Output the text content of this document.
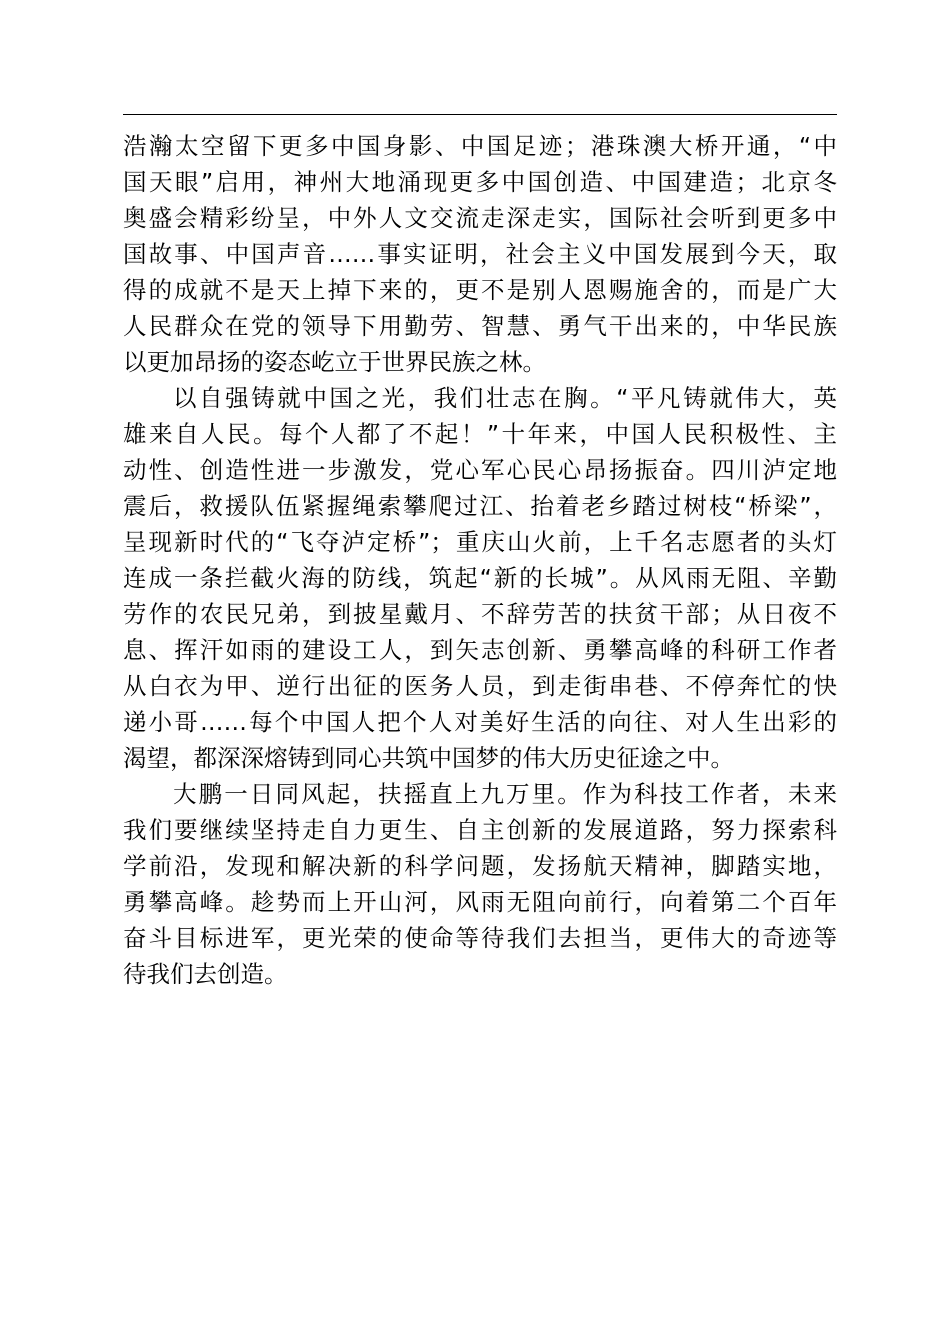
浩瀚太空留下更多中国身影、中国足迹；港珠澳大桥开通，“中
国天眼”启用，神州大地涌现更多中国创造、中国建造；北京冬
奥盛会精彩纷呈，中外人文交流走深走实，国际社会听到更多中
国故事、中国声音……事实证明，社会主义中国发展到今天，取
得的成就不是天上掉下来的，更不是别人恩赐施舍的，而是广大
人民群众在党的领导下用勤劳、智慧、勇气干出来的，中华民族
以更加昂扬的姿态屹立于世界民族之林。
以自强铸就中国之光，我们壮志在胸。“平凡铸就伟大，英
雄来自人民。每个人都了不起！”十年来，中国人民积极性、主
动性、创造性进一步激发，党心军心民心昂扬振奋。四川泸定地
震后，救援队伍紧握绳索攀爬过江、抬着老乡踏过树枝“桥梁”，
呈现新时代的“飞夺泸定桥”；重庆山火前，上千名志愿者的头灯
连成一条拦截火海的防线，筑起“新的长城”。从风雨无阻、辛勤
劳作的农民兄弟，到披星戴月、不辞劳苦的扶贫干部；从日夜不
息、挥汗如雨的建设工人，到矢志创新、勇攀高峰的科研工作者
从白衣为甲、逆行出征的医务人员，到走街串巷、不停奔忙的快
递小哥……每个中国人把个人对美好生活的向往、对人生出彩的
渴望，都深深熔铸到同心共筑中国梦的伟大历史征途之中。
大鹏一日同风起，扶摇直上九万里。作为科技工作者，未来
我们要继续坚持走自力更生、自主创新的发展道路，努力探索科
学前沿，发现和解决新的科学问题，发扬航天精神，脚踏实地，
勇攀高峰。趁势而上开山河，风雨无阻向前行，向着第二个百年
奋斗目标进军，更光荣的使命等待我们去担当，更伟大的奇迹等
待我们去创造。
